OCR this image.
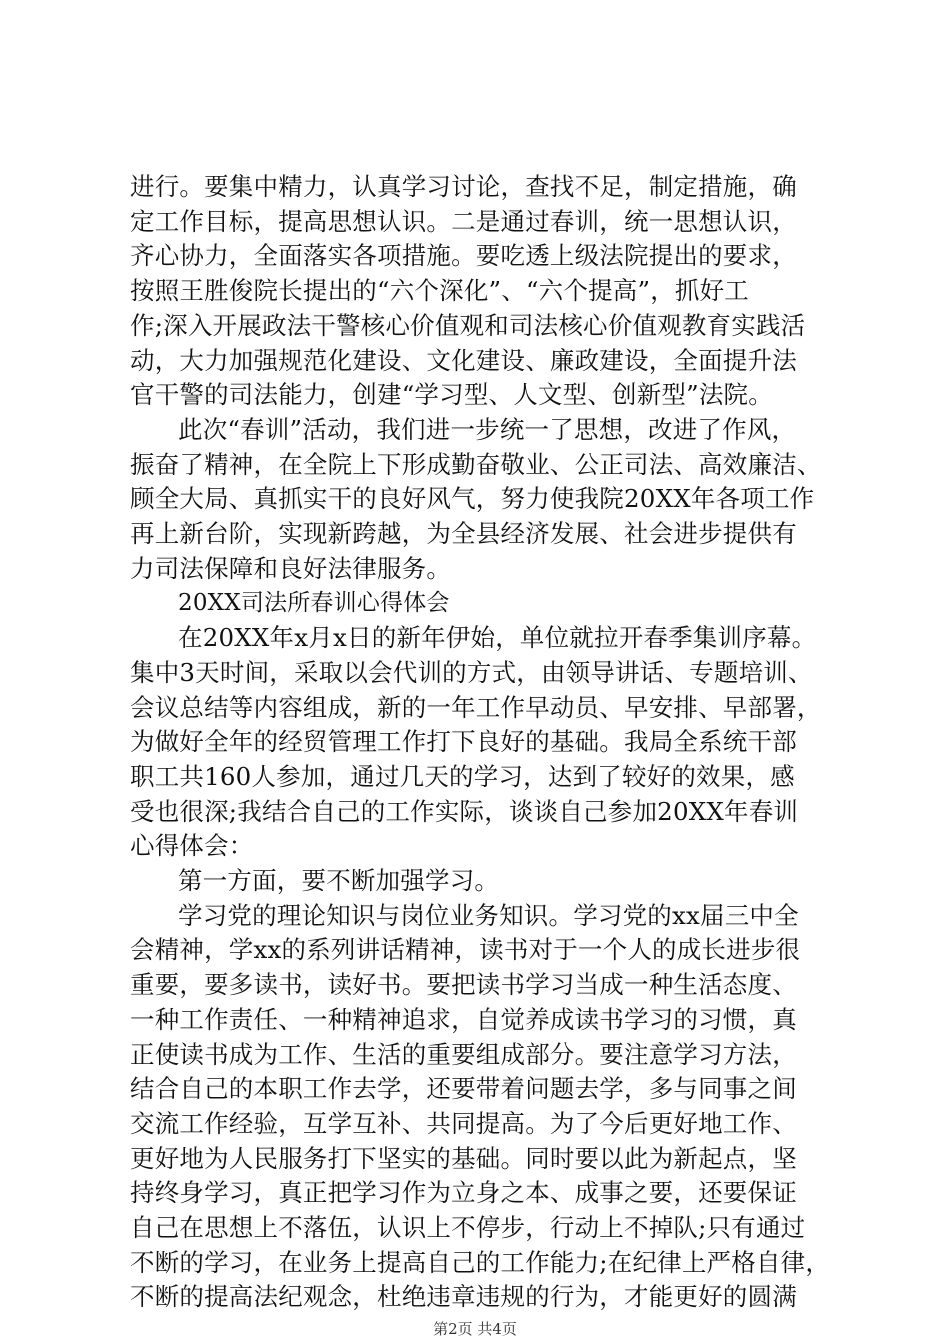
进行。要集中精力，认真学习讨论，查找不足，制定措施，确
定工作目标，提高思想认识。二是通过春训，统一思想认识，
齐心协力，全面落实各项措施。要吃透上级法院提出的要求，
按照王胜俊院长提出的“六个深化”、“六个提高”，抓好工
作;深入开展政法干警核心价值观和司法核心价值观教育实践活
动，大力加强规范化建设、文化建设、廉政建设，全面提升法
官干警的司法能力，创建“学习型、人文型、创新型”法院。
此次“春训”活动，我们进一步统一了思想，改进了作风，
振奋了精神，在全院上下形成勤奋敬业、公正司法、高效廉洁、
顾全大局、真抓实干的良好风气，努力使我院20XX年各项工作
再上新台阶，实现新跨越，为全县经济发展、社会进步提供有
力司法保障和良好法律服务。
20XX司法所春训心得体会
在20XX年x月x日的新年伊始，单位就拉开春季集训序幕。
集中3天时间，采取以会代训的方式，由领导讲话、专题培训、
会议总结等内容组成，新的一年工作早动员、早安排、早部署，
为做好全年的经贸管理工作打下良好的基础。我局全系统干部
职工共160人参加，通过几天的学习，达到了较好的效果，感
受也很深;我结合自己的工作实际，谈谈自己参加20XX年春训
心得体会：
第一方面，要不断加强学习。
学习党的理论知识与岗位业务知识。学习党的xx届三中全
会精神，学xx的系列讲话精神，读书对于一个人的成长进步很
重要，要多读书，读好书。要把读书学习当成一种生活态度、
一种工作责任、一种精神追求，自觉养成读书学习的习惯，真
正使读书成为工作、生活的重要组成部分。要注意学习方法，
结合自己的本职工作去学，还要带着问题去学，多与同事之间
交流工作经验，互学互补、共同提高。为了今后更好地工作、
更好地为人民服务打下坚实的基础。同时要以此为新起点，坚
持终身学习，真正把学习作为立身之本、成事之要，还要保证
自己在思想上不落伍，认识上不停步，行动上不掉队;只有通过
不断的学习，在业务上提高自己的工作能力;在纪律上严格自律，
不断的提高法纪观念，杜绝违章违规的行为，才能更好的圆满
第2页 共4页
